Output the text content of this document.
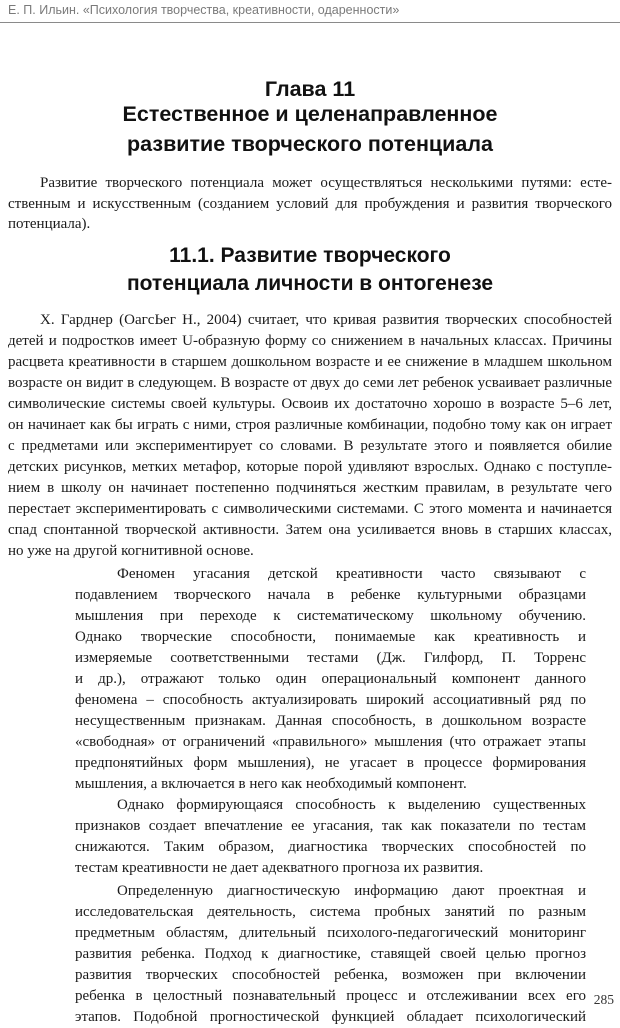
Е. П. Ильин. «Психология творчества, креативности, одаренности»
Глава 11
Естественное и целенаправленное
развитие творческого потенциала
Развитие творческого потенциала может осуществляться несколькими путями: есте-
ственным и искусственным (созданием условий для пробуждения и развития творческого
потенциала).
11.1. Развитие творческого
потенциала личности в онтогенезе
Х. Гарднер (ОагсЬег Н., 2004) считает, что кривая развития творческих способностей
детей и подростков имеет U-образную форму со снижением в начальных классах. Причины
расцвета креативности в старшем дошкольном возрасте и ее снижение в младшем школьном
возрасте он видит в следующем. В возрасте от двух до семи лет ребенок усваивает различные
символические системы своей культуры. Освоив их достаточно хорошо в возрасте 5–6 лет,
он начинает как бы играть с ними, строя различные комбинации, подобно тому как он играет
с предметами или экспериментирует со словами. В результате этого и появляется обилие
детских рисунков, метких метафор, которые порой удивляют взрослых. Однако с поступле-
нием в школу он начинает постепенно подчиняться жестким правилам, в результате чего
перестает экспериментировать с символическими системами. С этого момента и начинается
спад спонтанной творческой активности. Затем она усиливается вновь в старших классах,
но уже на другой когнитивной основе.
Феномен угасания детской креативности часто связывают с
подавлением творческого начала в ребенке культурными образцами
мышления при переходе к систематическому школьному обучению.
Однако творческие способности, понимаемые как креативность и
измеряемые соответственными тестами (Дж. Гилфорд, П. Торренс
и др.), отражают только один операциональный компонент данного
феномена – способность актуализировать широкий ассоциативный ряд по
несущественным признакам. Данная способность, в дошкольном возрасте
«свободная» от ограничений «правильного» мышления (что отражает этапы
предпонятийных форм мышления), не угасает в процессе формирования
мышления, а включается в него как необходимый компонент.
Однако формирующаяся способность к выделению существенных
признаков создает впечатление ее угасания, так как показатели по тестам
снижаются. Таким образом, диагностика творческих способностей по
тестам креативности не дает адекватного прогноза их развития.
Определенную диагностическую информацию дают проектная и
исследовательская деятельность, система пробных занятий по разным
предметным областям, длительный психолого-педагогический мониторинг
развития ребенка. Подход к диагностике, ставящей своей целью прогноз
развития творческих способностей ребенка, возможен при включении
ребенка в целостный познавательный процесс и отслеживании всех его
этапов. Подобной прогностической функцией обладает психологический
285
